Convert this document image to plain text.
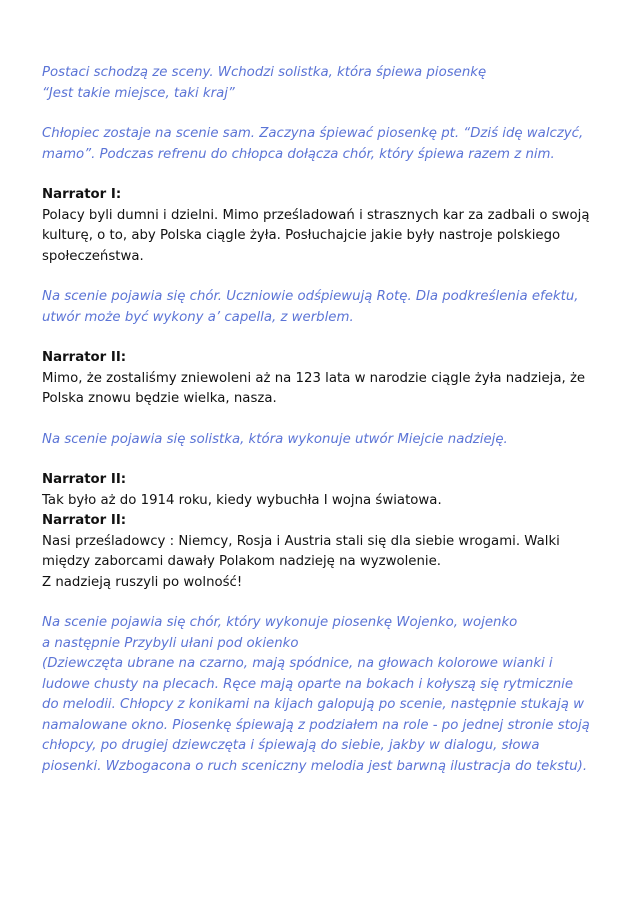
Postaci schodzą ze sceny. Wchodzi solistka, która śpiewa piosenkę
“Jest takie miejsce, taki kraj”

Chłopiec zostaje na scenie sam. Zaczyna śpiewać piosenkę pt. “Dziś idę walczyć,
mamo”. Podczas refrenu do chłopca dołącza chór, który śpiewa razem z nim.

Narrator I:

Polacy byli dumni i dzielni. Mimo prześladowań i strasznych kar za zadbali o swoją
kulturę, o to, aby Polska ciągle żyła. Posłuchajcie jakie były nastroje polskiego
społeczeństwa.

Na scenie pojawia się chór. Uczniowie odśpiewują Rotę. Dla podkreślenia efektu,
utwór może być wykony a’ capella, z werblem.

Narrator II:

Mimo, że zostaliśmy zniewoleni aż na 123 lata w narodzie ciągle żyła nadzieja, że
Polska znowu będzie wielka, nasza.

Na scenie pojawia się solistka, która wykonuje utwór Miejcie nadzieję.

Narrator II:

Tak było aż do 1914 roku, kiedy wybuchła I wojna światowa.

Narrator II:

Nasi prześladowcy : Niemcy, Rosja i Austria stali się dla siebie wrogami. Walki
między zaborcami dawały Polakom nadzieję na wyzwolenie.
Z nadzieją ruszyli po wolność!

Na scenie pojawia się chór, który wykonuje piosenkę Wojenko, wojenko
a następnie Przybyli ułani pod okienko
(Dziewczęta ubrane na czarno, mają spódnice, na głowach kolorowe wianki i
ludowe chusty na plecach. Ręce mają oparte na bokach i kołyszą się rytmicznie
do melodii. Chłopcy z konikami na kijach galopują po scenie, następnie stukają w
namalowane okno. Piosenkę śpiewają z podziałem na role - po jednej stronie stoją
chłopcy, po drugiej dziewczęta i śpiewają do siebie, jakby w dialogu, słowa
piosenki. Wzbogacona o ruch sceniczny melodia jest barwną ilustracja do tekstu).
